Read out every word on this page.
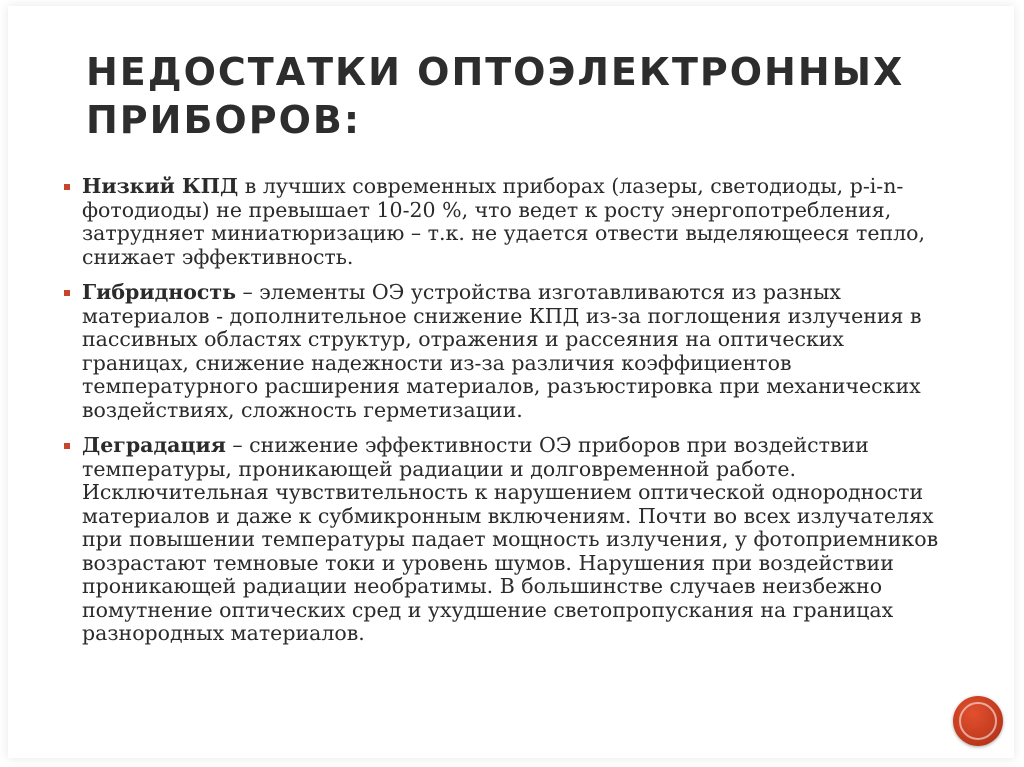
НЕДОСТАТКИ ОПТОЭЛЕКТРОННЫХ ПРИБОРОВ:
Низкий КПД в лучших современных приборах (лазеры, светодиоды, p-i-n-фотодиоды) не превышает 10-20 %, что ведет к росту энергопотребления, затрудняет миниатюризацию – т.к. не удается отвести выделяющееся тепло, снижает эффективность.
Гибридность – элементы ОЭ устройства изготавливаются из разных материалов - дополнительное снижение КПД из-за поглощения излучения в пассивных областях структур, отражения и рассеяния на оптических границах, снижение надежности из-за различия коэффициентов температурного расширения материалов, разъюстировка при механических воздействиях, сложность герметизации.
Деградация – снижение эффективности ОЭ приборов при воздействии температуры, проникающей радиации и долговременной работе. Исключительная чувствительность к нарушением оптической однородности материалов и даже к субмикронным включениям. Почти во всех излучателях при повышении температуры падает мощность излучения, у фотоприемников возрастают темновые токи и уровень шумов. Нарушения при воздействии проникающей радиации необратимы. В большинстве случаев неизбежно помутнение оптических сред и ухудшение светопропускания на границах разнородных материалов.
